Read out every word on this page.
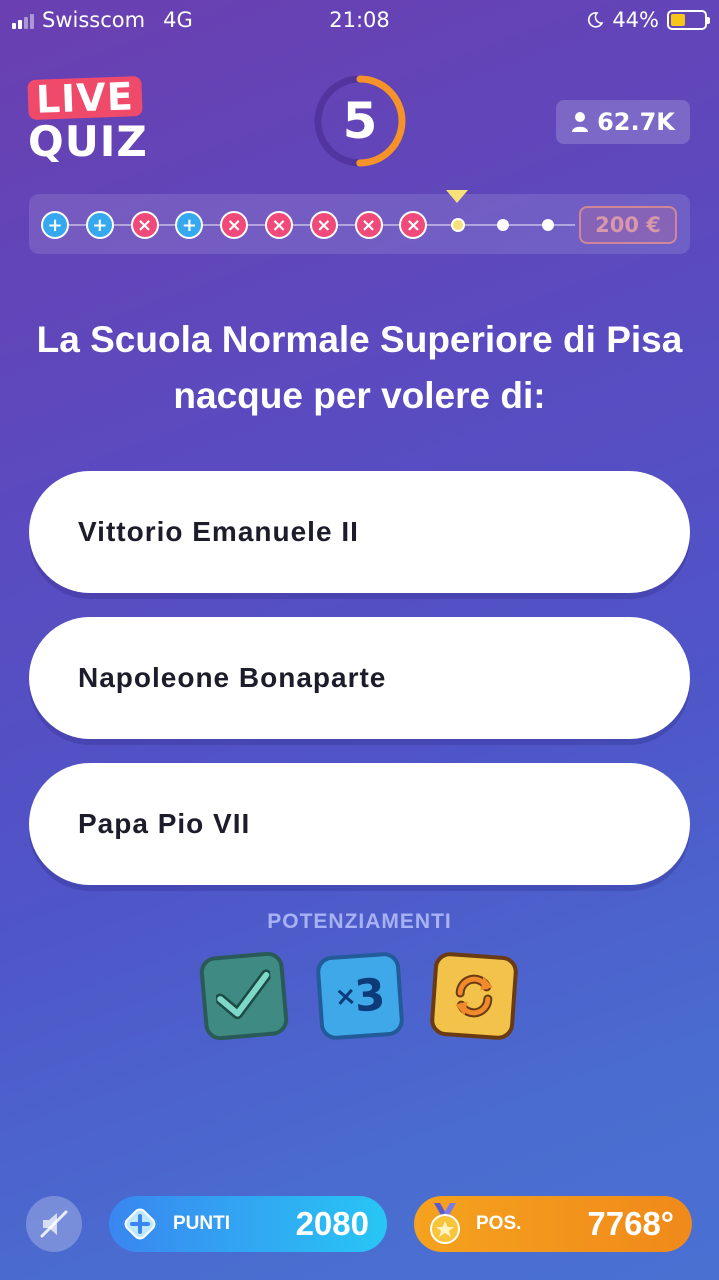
Swisscom 4G	21:08	44%
LIVE
QUIZ	5	62.7K
+	+	×	+	×	×	×	×	×	200 €
La Scuola Normale Superiore di Pisa nacque per volere di:
Vittorio Emanuele II
Napoleone Bonaparte
Papa Pio VII
POTENZIAMENTI
×
3
PUNTI 2080	POS. 7768°
